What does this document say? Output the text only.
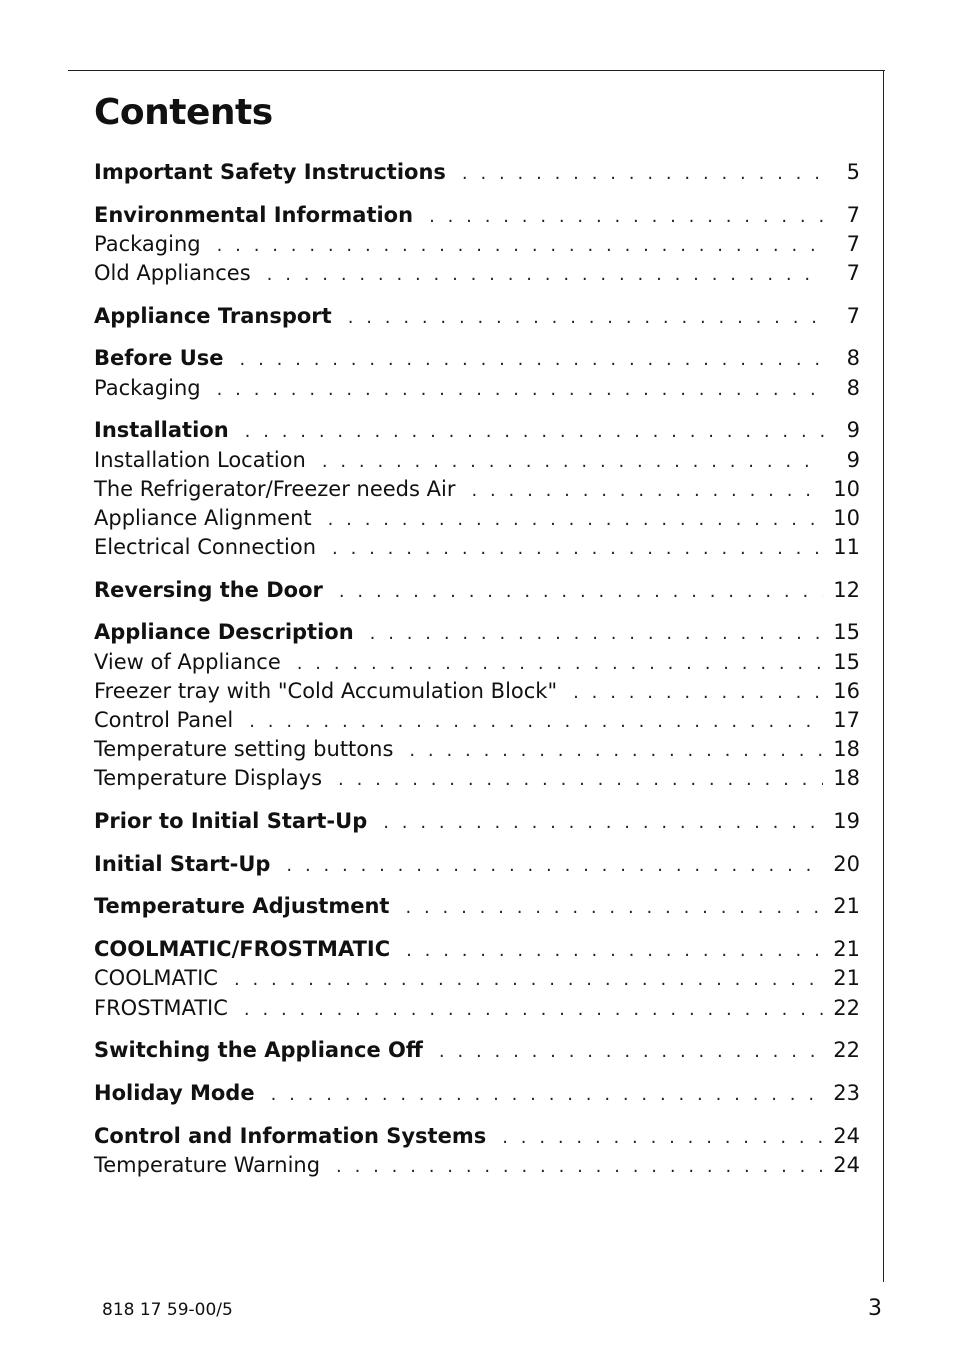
Contents
Important Safety Instructions . . .	5
Environmental Information . . .	7
Packaging . . .	7
Old Appliances . . .	7
Appliance Transport . . .	7
Before Use . . .	8
Packaging . . .	8
Installation . . .	9
Installation Location . . .	9
The Refrigerator/Freezer needs Air . . .	10
Appliance Alignment . . .	10
Electrical Connection . . .	11
Reversing the Door . . .	12
Appliance Description . . .	15
View of Appliance . . .	15
Freezer tray with "Cold Accumulation Block" . . .	16
Control Panel . . .	17
Temperature setting buttons . . .	18
Temperature Displays . . .	18
Prior to Initial Start-Up . . .	19
Initial Start-Up . . .	20
Temperature Adjustment . . .	21
COOLMATIC/FROSTMATIC . . .	21
COOLMATIC . . .	21
FROSTMATIC . . .	22
Switching the Appliance Off . . .	22
Holiday Mode . . .	23
Control and Information Systems . . .	24
Temperature Warning . . .	24
818 17 59-00/5	3
